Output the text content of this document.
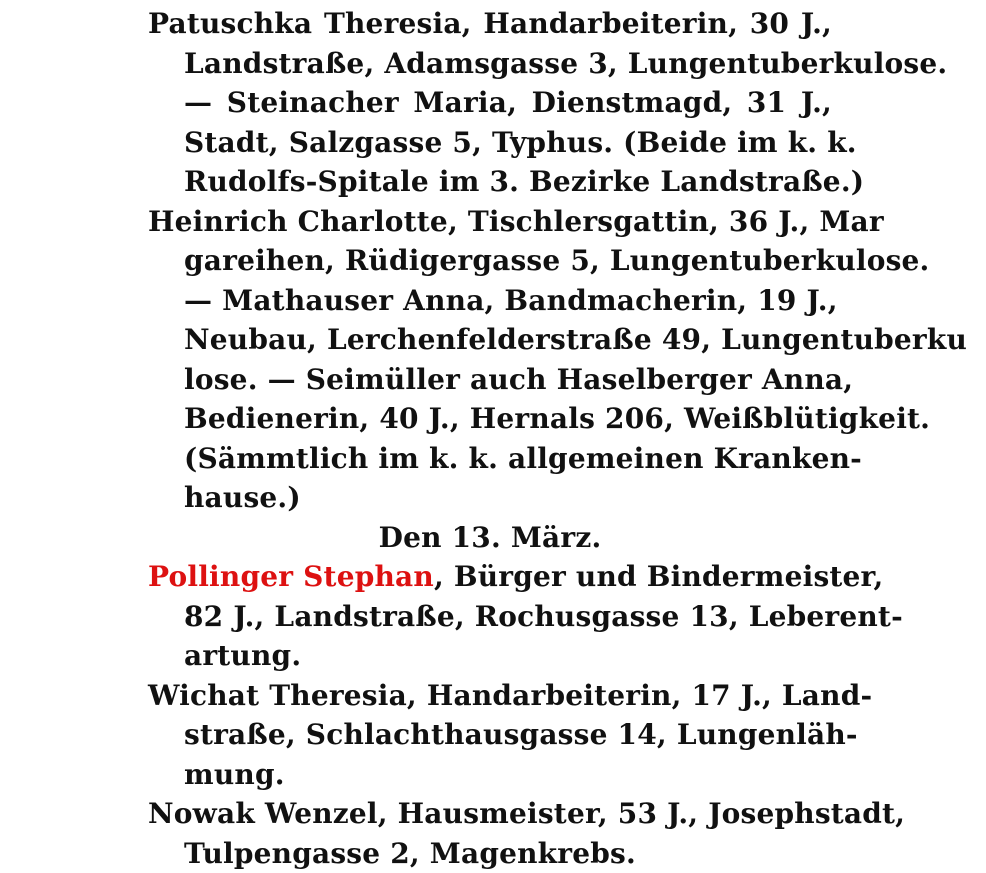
Patuschka Theresia, Handarbeiterin, 30 J.,
Landstraße, Adamsgasse 3, Lungentuberkulose.
— Steinacher Maria, Dienstmagd, 31 J.,
Stadt, Salzgasse 5, Typhus. (Beide im k. k.
Rudolfs-Spitale im 3. Bezirke Landstraße.)
Heinrich Charlotte, Tischlersgattin, 36 J., Mar
gareihen, Rüdigergasse 5, Lungentuberkulose.
— Mathauser Anna, Bandmacherin, 19 J.,
Neubau, Lerchenfelderstraße 49, Lungentuberku
lose. — Seimüller auch Haselberger Anna,
Bedienerin, 40 J., Hernals 206, Weißblütigkeit.
(Sämmtlich im k. k. allgemeinen Kranken-
hause.)
Den 13. März.
Pollinger Stephan, Bürger und Bindermeister,
82 J., Landstraße, Rochusgasse 13, Leberent-
artung.
Wichat Theresia, Handarbeiterin, 17 J., Land-
straße, Schlachthausgasse 14, Lungenläh-
mung.
Nowak Wenzel, Hausmeister, 53 J., Josephstadt,
Tulpengasse 2, Magenkrebs.
